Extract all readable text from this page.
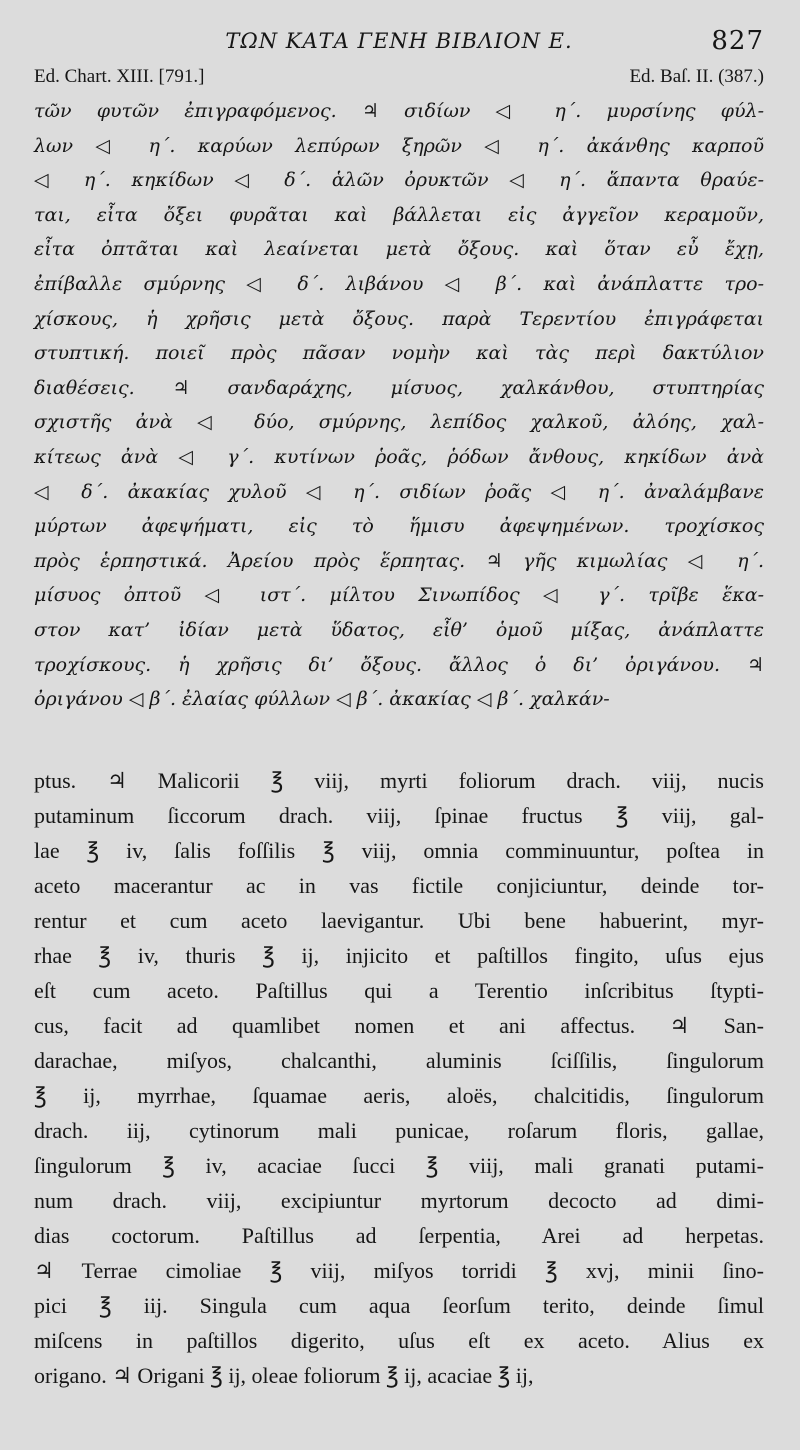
ΤΩΝ ΚΑΤΑ ΓΕΝΗ ΒΙΒΛΙΟΝ Ε.	827
Ed. Chart. XIII. [791.]	Ed. Baſ. II. (387.)
τῶν φυτῶν ἐπιγραφόμενος. ♃ σιδίων ◁ η΄. μυρσίνης φύλ-
λων ◁ η΄. καρύων λεπύρων ξηρῶν ◁ η΄. ἀκάνθης καρποῦ
◁ η΄. κηκίδων ◁ δ΄. ἁλῶν ὀρυκτῶν ◁ η΄. ἅπαντα θραύε-
ται, εἶτα ὄξει φυρᾶται καὶ βάλλεται εἰς ἀγγεῖον κεραμοῦν,
εἶτα ὀπτᾶται καὶ λεαίνεται μετὰ ὄξους. καὶ ὅταν εὖ ἔχῃ,
ἐπίβαλλε σμύρνης ◁ δ΄. λιβάνου ◁ β΄. καὶ ἀνάπλαττε τρο-
χίσκους, ἡ χρῆσις μετὰ ὄξους. παρὰ Τερεντίου ἐπιγράφεται
στυπτική. ποιεῖ πρὸς πᾶσαν νομὴν καὶ τὰς περὶ δακτύλιον
διαθέσεις. ♃ σανδαράχης, μίσυος, χαλκάνθου, στυπτηρίας
σχιστῆς ἀνὰ ◁ δύο, σμύρνης, λεπίδος χαλκοῦ, ἀλόης, χαλ-
κίτεως ἀνὰ ◁ γ΄. κυτίνων ῥοᾶς, ῥόδων ἄνθους, κηκίδων ἀνὰ
◁ δ΄. ἀκακίας χυλοῦ ◁ η΄. σιδίων ῥοᾶς ◁ η΄. ἀναλάμβανε
μύρτων ἀφεψήματι, εἰς τὸ ἥμισυ ἀφεψημένων. τροχίσκος
πρὸς ἑρπηστικά. Ἀρείου πρὸς ἕρπητας. ♃ γῆς κιμωλίας ◁ η΄.
μίσυος ὀπτοῦ ◁ ιστ΄. μίλτου Σινωπίδος ◁ γ΄. τρῖβε ἕκα-
στον κατ’ ἰδίαν μετὰ ὕδατος, εἶθ’ ὁμοῦ μίξας, ἀνάπλαττε
τροχίσκους. ἡ χρῆσις δι’ ὄξους. ἄλλος ὁ δι’ ὀριγάνου. ♃
ὀριγάνου ◁ β΄. ἐλαίας φύλλων ◁ β΄. ἀκακίας ◁ β΄. χαλκάν-
ptus. ♃ Malicorii ℥ viij, myrti foliorum drach. viij, nucis
putaminum ſiccorum drach. viij, ſpinae fructus ℥ viij, gal-
lae ℥ iv, ſalis foſſilis ℥ viij, omnia comminuuntur, poſtea in
aceto macerantur ac in vas fictile conjiciuntur, deinde tor-
rentur et cum aceto laevigantur. Ubi bene habuerint, myr-
rhae ℥ iv, thuris ℥ ij, injicito et paſtillos fingito, uſus ejus
eſt cum aceto. Paſtillus qui a Terentio inſcribitus ſtypti-
cus, facit ad quamlibet nomen et ani affectus. ♃ San-
darachae, miſyos, chalcanthi, aluminis ſciſſilis, ſingulorum
℥ ij, myrrhae, ſquamae aeris, aloës, chalcitidis, ſingulorum
drach. iij, cytinorum mali punicae, roſarum floris, gallae,
ſingulorum ℥ iv, acaciae ſucci ℥ viij, mali granati putami-
num drach. viij, excipiuntur myrtorum decocto ad dimi-
dias coctorum. Paſtillus ad ſerpentia, Arei ad herpetas.
♃ Terrae cimoliae ℥ viij, miſyos torridi ℥ xvj, minii ſino-
pici ℥ iij. Singula cum aqua ſeorſum terito, deinde ſimul
miſcens in paſtillos digerito, uſus eſt ex aceto. Alius ex
origano. ♃ Origani ℥ ij, oleae foliorum ℥ ij, acaciae ℥ ij,
